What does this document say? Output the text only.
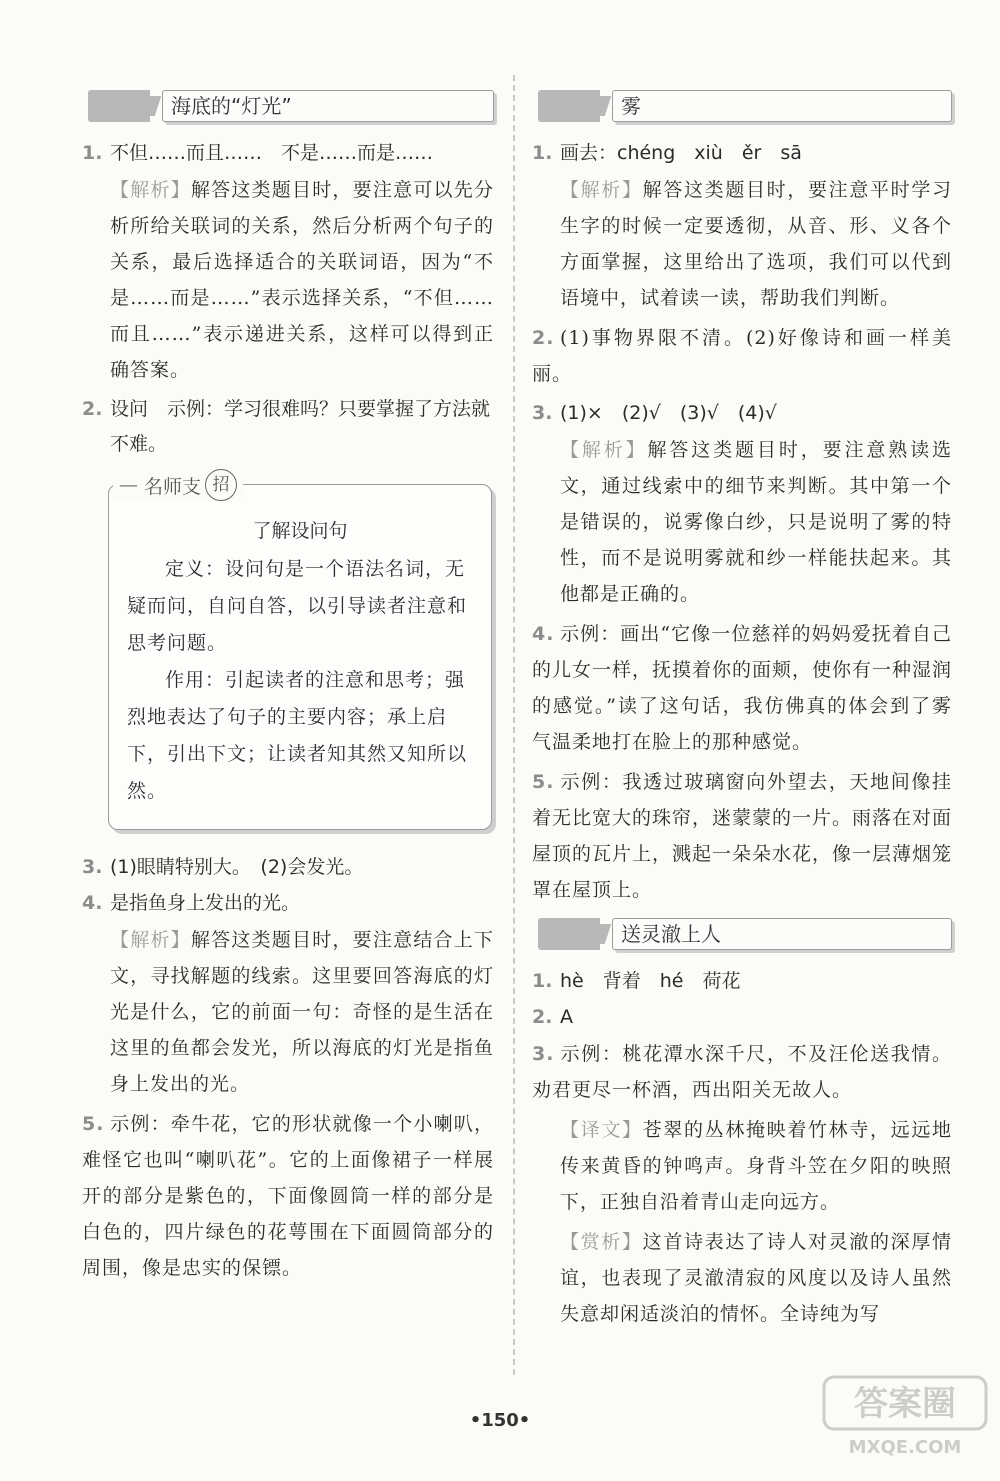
海底的“灯光”
1. 不但……而且……　不是……而是……
【解析】解答这类题目时，要注意可以先分析所给关联词的关系，然后分析两个句子的关系，最后选择适合的关联词语，因为“不是……而是……”表示选择关系，“不但……而且……”表示递进关系，这样可以得到正确答案。
2. 设问　示例：学习很难吗？只要掌握了方法就不难。
— 名师支 招
了解设问句

定义：设问句是一个语法名词，无疑而问，自问自答，以引导读者注意和思考问题。

作用：引起读者的注意和思考；强烈地表达了句子的主要内容；承上启下，引出下文；让读者知其然又知所以然。

3. (1)眼睛特别大。　(2)会发光。
4. 是指鱼身上发出的光。
【解析】解答这类题目时，要注意结合上下文，寻找解题的线索。这里要回答海底的灯光是什么，它的前面一句：奇怪的是生活在这里的鱼都会发光，所以海底的灯光是指鱼身上发出的光。
5. 示例：牵牛花，它的形状就像一个小喇叭，难怪它也叫“喇叭花”。它的上面像裙子一样展开的部分是紫色的，下面像圆筒一样的部分是白色的，四片绿色的花萼围在下面圆筒部分的周围，像是忠实的保镖。
雾
1. 画去：chéng　xiù　ěr　sā
【解析】解答这类题目时，要注意平时学习生字的时候一定要透彻，从音、形、义各个方面掌握，这里给出了选项，我们可以代到语境中，试着读一读，帮助我们判断。
2. (1)事物界限不清。(2)好像诗和画一样美丽。
3. (1)×　(2)√　(3)√　(4)√
【解析】解答这类题目时，要注意熟读选文，通过线索中的细节来判断。其中第一个是错误的，说雾像白纱，只是说明了雾的特性，而不是说明雾就和纱一样能扶起来。其他都是正确的。
4. 示例：画出“它像一位慈祥的妈妈爱抚着自己的儿女一样，抚摸着你的面颊，使你有一种湿润的感觉。”读了这句话，我仿佛真的体会到了雾气温柔地打在脸上的那种感觉。
5. 示例：我透过玻璃窗向外望去，天地间像挂着无比宽大的珠帘，迷蒙蒙的一片。雨落在对面屋顶的瓦片上，溅起一朵朵水花，像一层薄烟笼罩在屋顶上。
送灵澈上人
1. hè　背着　hé　荷花
2. A
3. 示例：桃花潭水深千尺，不及汪伦送我情。劝君更尽一杯酒，西出阳关无故人。
【译文】苍翠的丛林掩映着竹林寺，远远地传来黄昏的钟鸣声。身背斗笠在夕阳的映照下，正独自沿着青山走向远方。
【赏析】这首诗表达了诗人对灵澈的深厚情谊，也表现了灵澈清寂的风度以及诗人虽然失意却闲适淡泊的情怀。全诗纯为写
•150•	答案圈
MXQE.COM
